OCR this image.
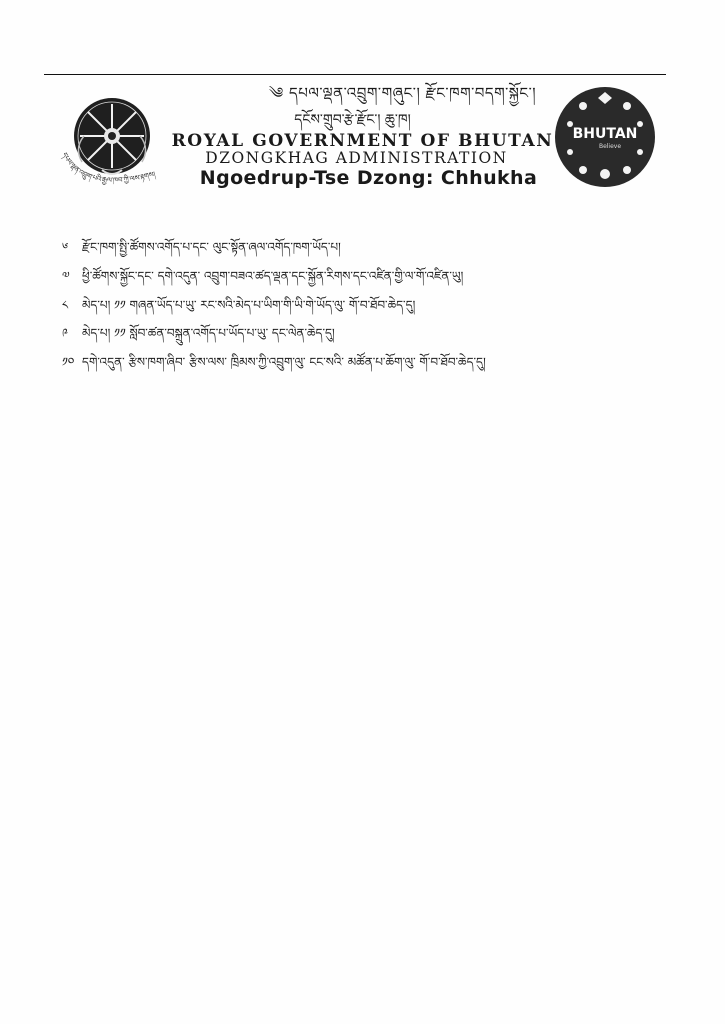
དཔལ་ལྡན་འབྲུག་པའི་རྒྱལ་ཁབ་ཀྱི་ལས་རྟགས།
༄ དཔལ་ལྡན་འབྲུག་གཞུང་། རྫོང་ཁག་བདག་སྐྱོང་།
དངོས་གྲུབ་རྩེ་རྫོང་། ཆུ་ཁ།
ROYAL GOVERNMENT OF BHUTAN
DZONGKHAG ADMINISTRATION
Ngoedrup-Tse Dzong: Chhukha
BHUTAN
Believe
༦	རྫོང་ཁག་སྤྱི་ཚོགས་འགོད་པ་དང་ ལུང་སྟོན་ཞལ་འགོད་ཁག་ཡོད་པ།
༧	ཕྱི་ཚོགས་སྐྱོང་དང་ དགེ་འདུན་ འབྲུག་བཟའ་ཚད་ལྡན་དང་སྐྱོན་རིགས་དང་འཛིན་གྱི་ལ་གོ་འཛིན་ཡུ།
༨	མེད་པ། ༡༡ གཞན་ཡོད་པ་ཡུ་ རང་སའི་མེད་པ་ཡིག་གི་ཡི་གེ་ཡོད་ལུ་ གོ་བ་ཐོབ་ཆེད་དུ།
༩	མེད་པ། ༡༡ སློབ་ཚན་བསྐྲུན་འགོད་པ་ཡོད་པ་ཡུ་ དང་ལེན་ཆེད་དུ།
༡༠ དགེ་འདུན་ རྩིས་ཁག་ཞིབ་ རྩིས་ལས་ ཁྲིམས་ཀྱི་འབྲུག་ལུ་ ངང་སའི་ མཚོན་པ་ཆོག་ལུ་ གོ་བ་ཐོབ་ཆེད་དུ།
